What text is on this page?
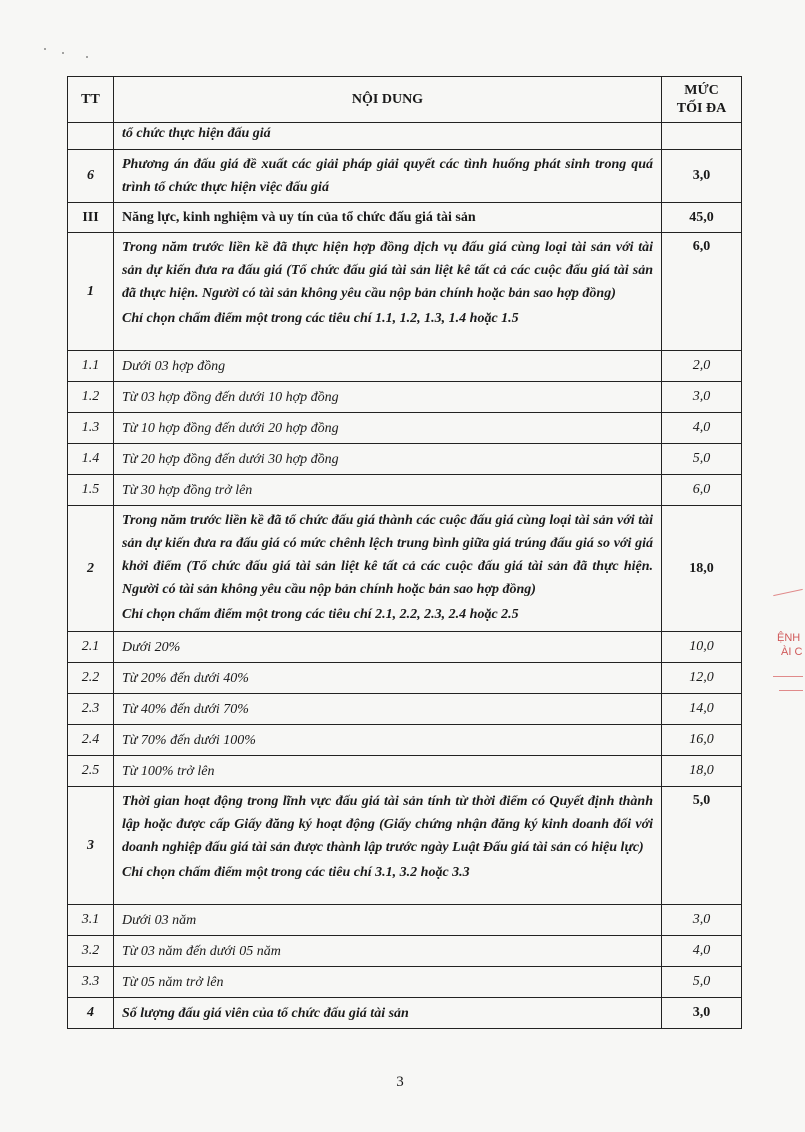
TT	NỘI DUNG	MỨC
TỐI ĐA

	tổ chức thực hiện đấu giá	
6	Phương án đấu giá đề xuất các giải pháp giải quyết các tình huống phát sinh trong quá trình tổ chức thực hiện việc đấu giá	3,0
III	Năng lực, kinh nghiệm và uy tín của tổ chức đấu giá tài sản	45,0
1	Trong năm trước liền kề đã thực hiện hợp đồng dịch vụ đấu giá cùng loại tài sản với tài sản dự kiến đưa ra đấu giá (Tổ chức đấu giá tài sản liệt kê tất cả các cuộc đấu giá tài sản đã thực hiện. Người có tài sản không yêu cầu nộp bản chính hoặc bản sao hợp đồng)

Chỉ chọn chấm điểm một trong các tiêu chí 1.1, 1.2, 1.3, 1.4 hoặc 1.5	6,0
1.1	Dưới 03 hợp đồng	2,0
1.2	Từ 03 hợp đồng đến dưới 10 hợp đồng	3,0
1.3	Từ 10 hợp đồng đến dưới 20 hợp đồng	4,0
1.4	Từ 20 hợp đồng đến dưới 30 hợp đồng	5,0
1.5	Từ 30 hợp đồng trở lên	6,0
2	Trong năm trước liền kề đã tổ chức đấu giá thành các cuộc đấu giá cùng loại tài sản với tài sản dự kiến đưa ra đấu giá có mức chênh lệch trung bình giữa giá trúng đấu giá so với giá khởi điểm (Tổ chức đấu giá tài sản liệt kê tất cả các cuộc đấu giá tài sản đã thực hiện. Người có tài sản không yêu cầu nộp bản chính hoặc bản sao hợp đồng)

Chỉ chọn chấm điểm một trong các tiêu chí 2.1, 2.2, 2.3, 2.4 hoặc 2.5	18,0
2.1	Dưới 20%	10,0
2.2	Từ 20% đến dưới 40%	12,0
2.3	Từ 40% đến dưới 70%	14,0
2.4	Từ 70% đến dưới 100%	16,0
2.5	Từ 100% trở lên	18,0
3	Thời gian hoạt động trong lĩnh vực đấu giá tài sản tính từ thời điểm có Quyết định thành lập hoặc được cấp Giấy đăng ký hoạt động (Giấy chứng nhận đăng ký kinh doanh đối với doanh nghiệp đấu giá tài sản được thành lập trước ngày Luật Đấu giá tài sản có hiệu lực)

Chỉ chọn chấm điểm một trong các tiêu chí 3.1, 3.2 hoặc 3.3	5,0
3.1	Dưới 03 năm	3,0
3.2	Từ 03 năm đến dưới 05 năm	4,0
3.3	Từ 05 năm trở lên	5,0
4	Số lượng đấu giá viên của tổ chức đấu giá tài sản	3,0
3
ỆNH
ÀI C
